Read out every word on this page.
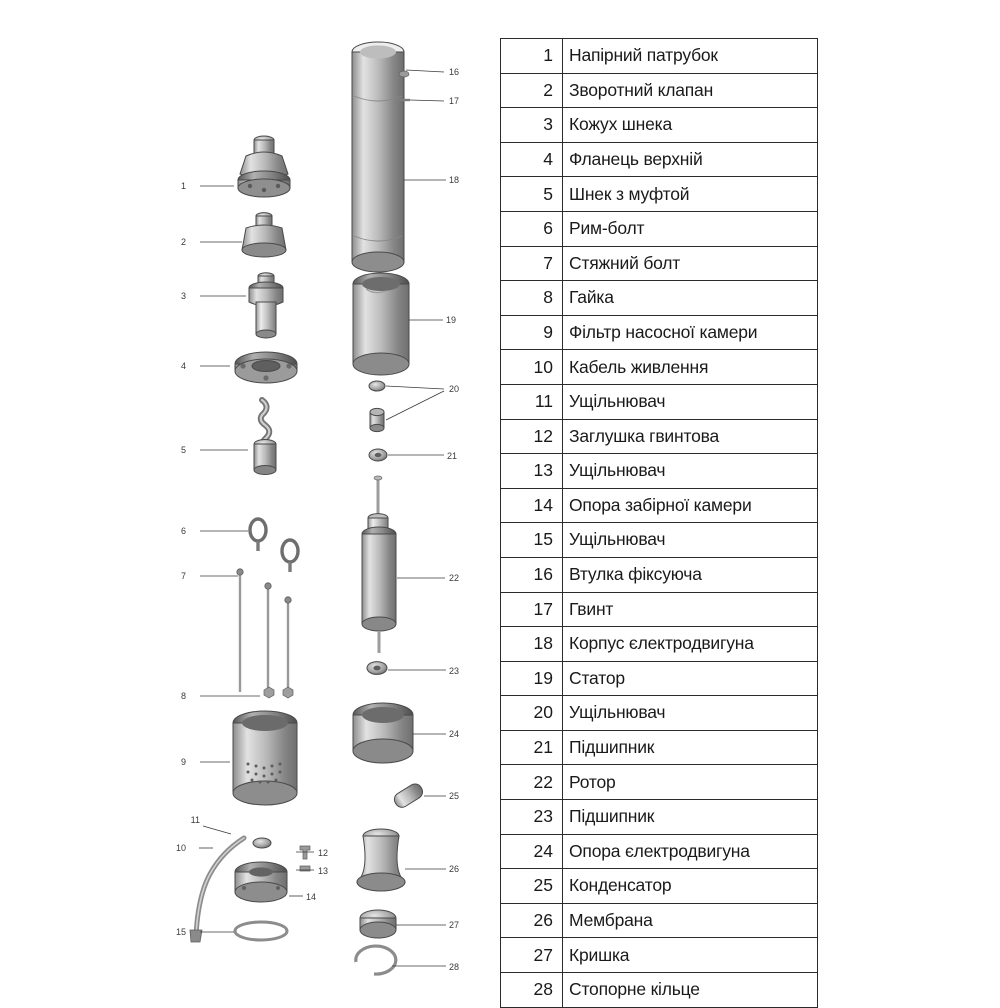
1
2
3
4
5
6
7
8
9
10
11
12
13
14
15
16
17
18
19
20
21
22
23
24
25
26
27
28
1	Напірний патрубок
2	Зворотний клапан
3	Кожух шнека
4	Фланець верхній
5	Шнек з муфтой
6	Рим-болт
7	Стяжний болт
8	Гайка
9	Фільтр насосної камери
10	Кабель живлення
11	Ущільнювач
12	Заглушка гвинтова
13	Ущільнювач
14	Опора забірної камери
15	Ущільнювач
16	Втулка фіксуюча
17	Гвинт
18	Корпус єлектродвигуна
19	Статор
20	Ущільнювач
21	Підшипник
22	Ротор
23	Підшипник
24	Опора єлектродвигуна
25	Конденсатор
26	Мембрана
27	Кришка
28	Стопорне кільце
